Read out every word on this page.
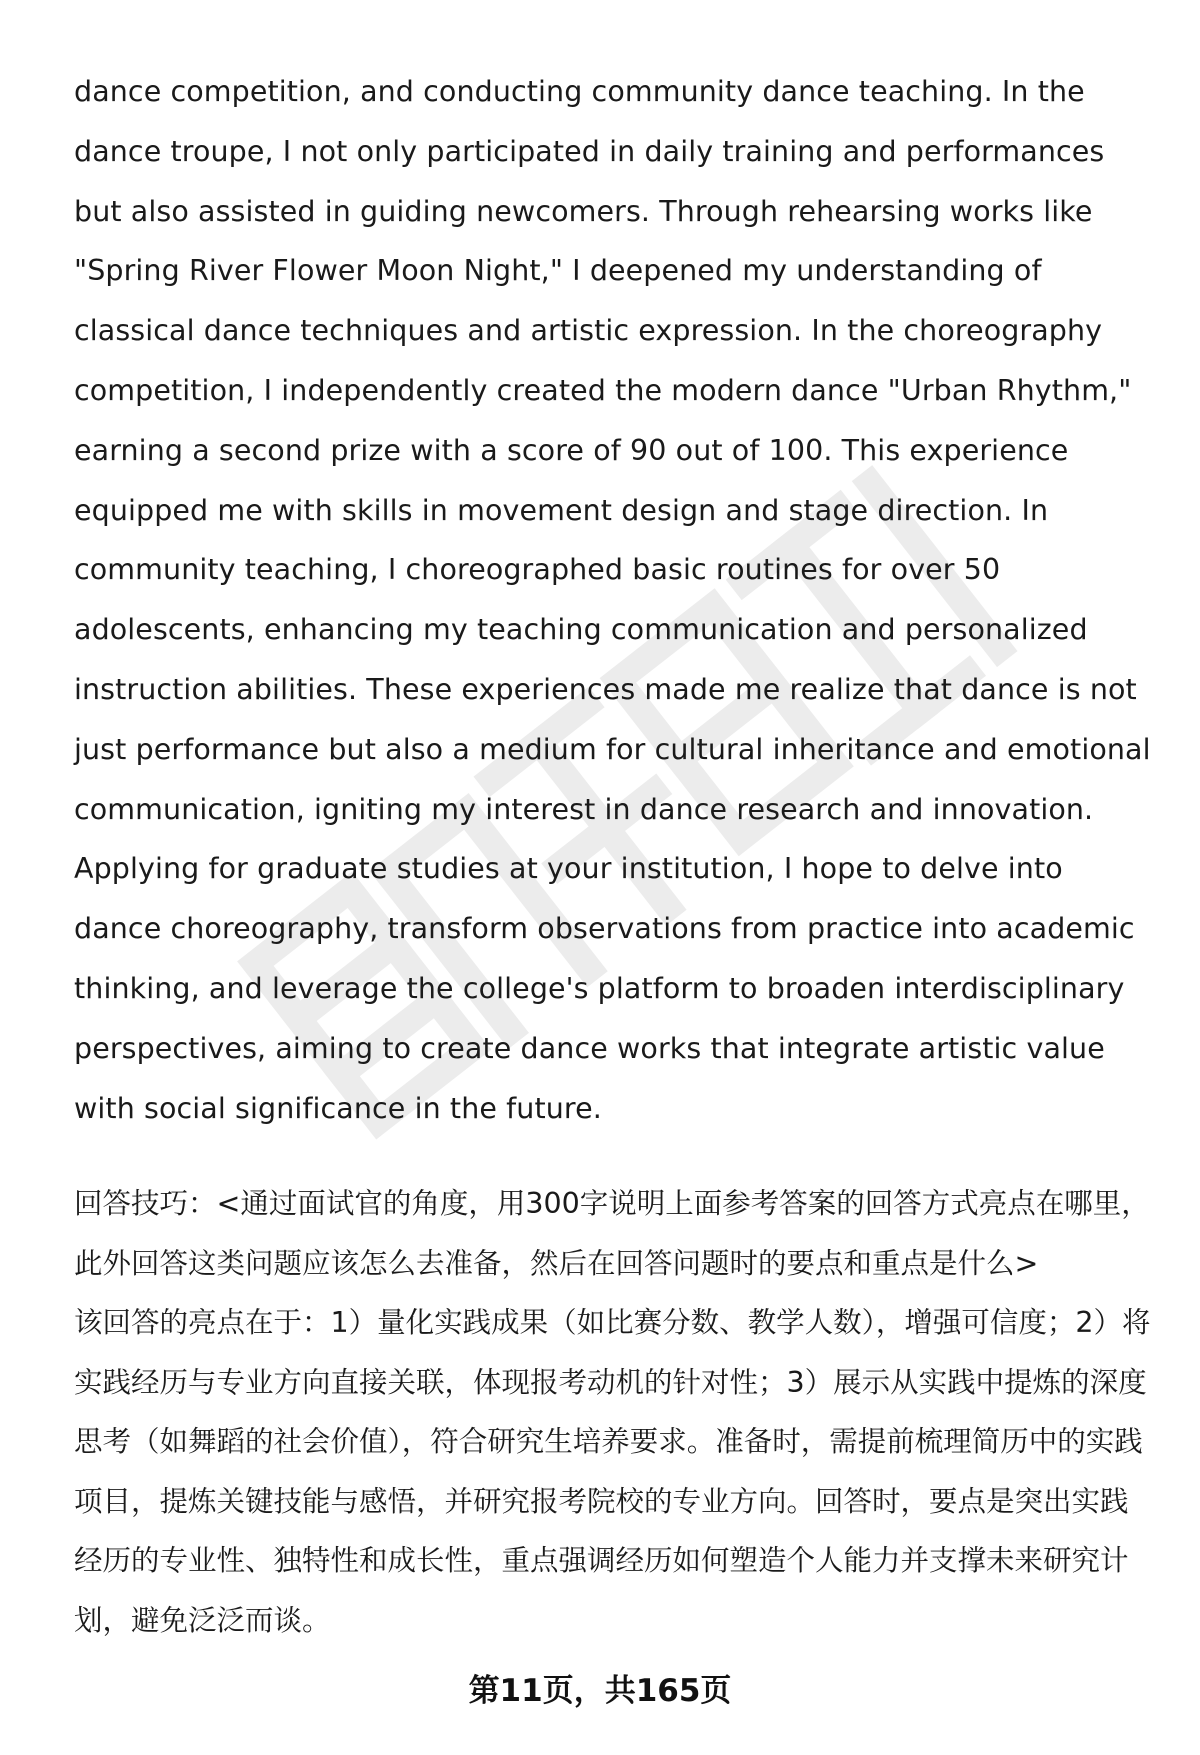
dance competition, and conducting community dance teaching. In the dance troupe, I not only participated in daily training and performances but also assisted in guiding newcomers. Through rehearsing works like "Spring River Flower Moon Night," I deepened my understanding of classical dance techniques and artistic expression. In the choreography competition, I independently created the modern dance "Urban Rhythm," earning a second prize with a score of 90 out of 100. This experience equipped me with skills in movement design and stage direction. In community teaching, I choreographed basic routines for over 50 adolescents, enhancing my teaching communication and personalized instruction abilities. These experiences made me realize that dance is not just performance but also a medium for cultural inheritance and emotional communication, igniting my interest in dance research and innovation. Applying for graduate studies at your institution, I hope to delve into dance choreography, transform observations from practice into academic thinking, and leverage the college's platform to broaden interdisciplinary perspectives, aiming to create dance works that integrate artistic value with social significance in the future.

回答技巧：<通过面试官的角度，用300字说明上面参考答案的回答方式亮点在哪里，此外回答这类问题应该怎么去准备，然后在回答问题时的要点和重点是什么>

该回答的亮点在于：1）量化实践成果（如比赛分数、教学人数），增强可信度；2）将实践经历与专业方向直接关联，体现报考动机的针对性；3）展示从实践中提炼的深度思考（如舞蹈的社会价值），符合研究生培养要求。准备时，需提前梳理简历中的实践项目，提炼关键技能与感悟，并研究报考院校的专业方向。回答时，要点是突出实践经历的专业性、独特性和成长性，重点强调经历如何塑造个人能力并支撑未来研究计划，避免泛泛而谈。

第11页，共165页
